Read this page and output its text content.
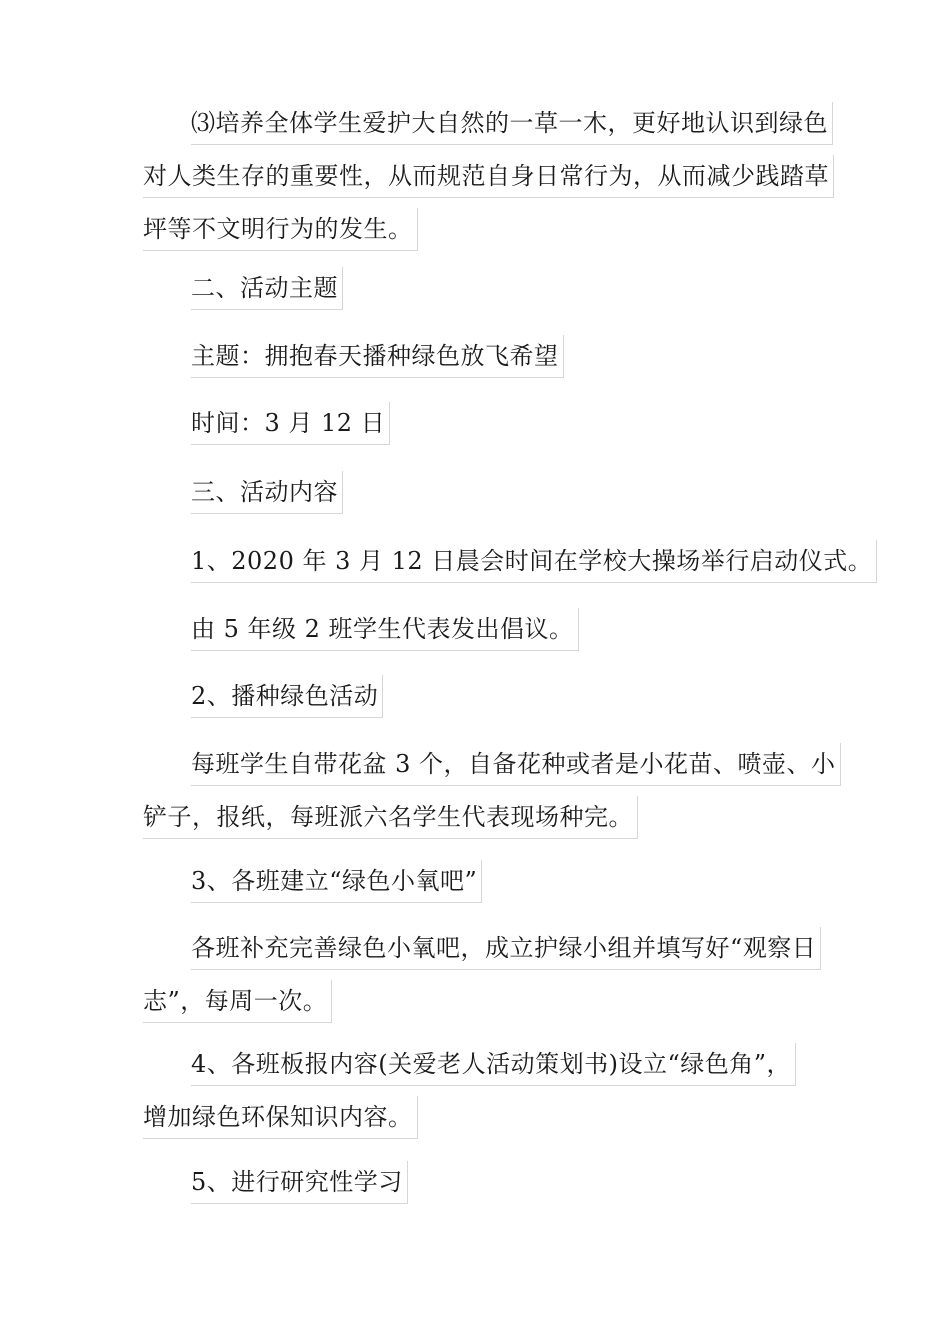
⑶培养全体学生爱护大自然的一草一木，更好地认识到绿色
对人类生存的重要性，从而规范自身日常行为，从而减少践踏草
坪等不文明行为的发生。
二、活动主题
主题：拥抱春天播种绿色放飞希望
时间：3 月 12 日
三、活动内容
1、2020 年 3 月 12 日晨会时间在学校大操场举行启动仪式。
由 5 年级 2 班学生代表发出倡议。
2、播种绿色活动
每班学生自带花盆 3 个，自备花种或者是小花苗、喷壶、小
铲子，报纸，每班派六名学生代表现场种完。
3、各班建立“绿色小氧吧”
各班补充完善绿色小氧吧，成立护绿小组并填写好“观察日
志”，每周一次。
4、各班板报内容(关爱老人活动策划书)设立“绿色角”，
增加绿色环保知识内容。
5、进行研究性学习
